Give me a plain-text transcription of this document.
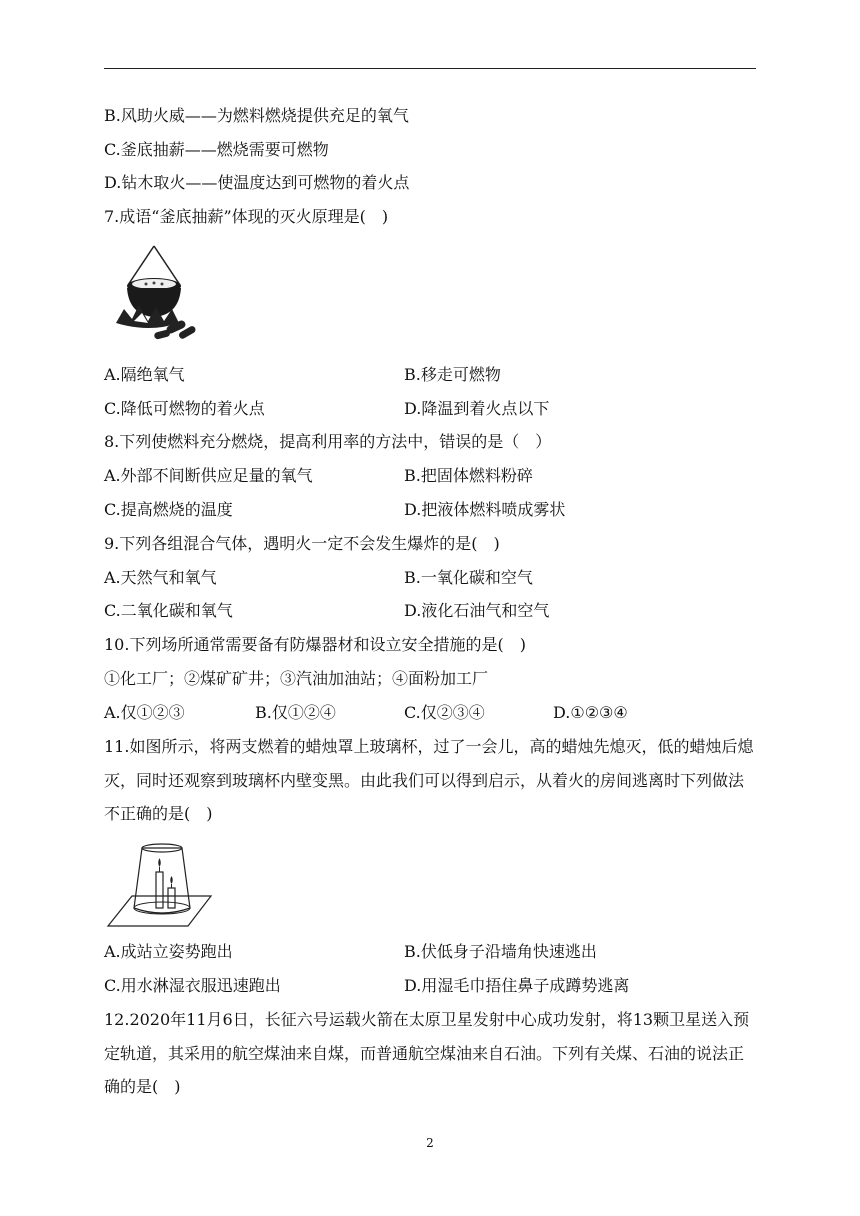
B.风助火威——为燃料燃烧提供充足的氧气
C.釜底抽薪——燃烧需要可燃物
D.钻木取火——使温度达到可燃物的着火点
7.成语“釜底抽薪”体现的灭火原理是(　)
A.隔绝氧气	B.移走可燃物
C.降低可燃物的着火点	D.降温到着火点以下
8.下列使燃料充分燃烧，提高利用率的方法中，错误的是（　）
A.外部不间断供应足量的氧气	B.把固体燃料粉碎
C.提高燃烧的温度	D.把液体燃料喷成雾状
9.下列各组混合气体，遇明火一定不会发生爆炸的是(　)
A.天然气和氧气	B.一氧化碳和空气
C.二氧化碳和氧气	D.液化石油气和空气
10.下列场所通常需要备有防爆器材和设立安全措施的是(　)
①化工厂；②煤矿矿井；③汽油加油站；④面粉加工厂
A.仅①②③	B.仅①②④	C.仅②③④	D.①②③④
11.如图所示，将两支燃着的蜡烛罩上玻璃杯，过了一会儿，高的蜡烛先熄灭，低的蜡烛后熄灭，同时还观察到玻璃杯内壁变黑。由此我们可以得到启示，从着火的房间逃离时下列做法不正确的是(　)
A.成站立姿势跑出	B.伏低身子沿墙角快速逃出
C.用水淋湿衣服迅速跑出	D.用湿毛巾捂住鼻子成蹲势逃离
12.2020年11月6日，长征六号运载火箭在太原卫星发射中心成功发射，将13颗卫星送入预定轨道，其采用的航空煤油来自煤，而普通航空煤油来自石油。下列有关煤、石油的说法正确的是(　)
2
